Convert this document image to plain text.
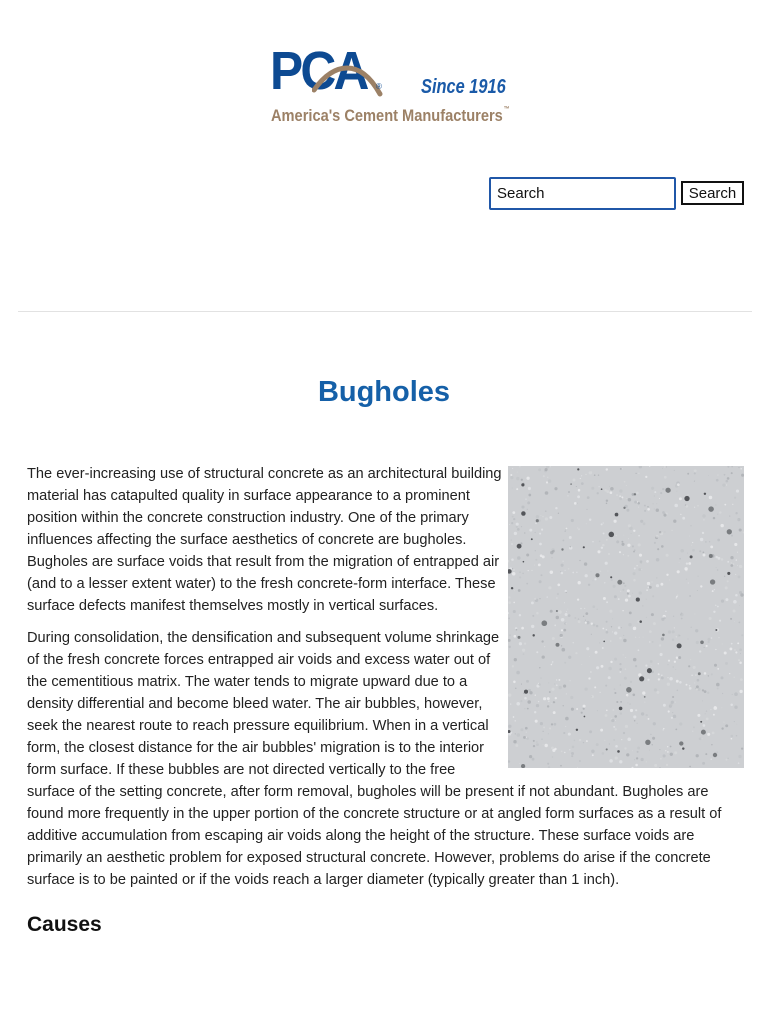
PCA ® Since 1916
America's Cement Manufacturers™
Search
Search
Bugholes

The ever-increasing use of structural concrete as an architectural building material has catapulted quality in surface appearance to a prominent position within the concrete construction industry. One of the primary influences affecting the surface aesthetics of concrete are bugholes. Bugholes are surface voids that result from the migration of entrapped air (and to a lesser extent water) to the fresh concrete-form interface. These surface defects manifest themselves mostly in vertical surfaces.

During consolidation, the densification and subsequent volume shrinkage of the fresh concrete forces entrapped air voids and excess water out of the cementitious matrix. The water tends to migrate upward due to a density differential and become bleed water. The air bubbles, however, seek the nearest route to reach pressure equilibrium. When in a vertical form, the closest distance for the air bubbles' migration is to the interior form surface. If these bubbles are not directed vertically to the free surface of the setting concrete, after form removal, bugholes will be present if not abundant. Bugholes are found more frequently in the upper portion of the concrete structure or at angled form surfaces as a result of additive accumulation from escaping air voids along the height of the structure. These surface voids are primarily an aesthetic problem for exposed structural concrete. However, problems do arise if the concrete surface is to be painted or if the voids reach a larger diameter (typically greater than 1 inch).

Causes
